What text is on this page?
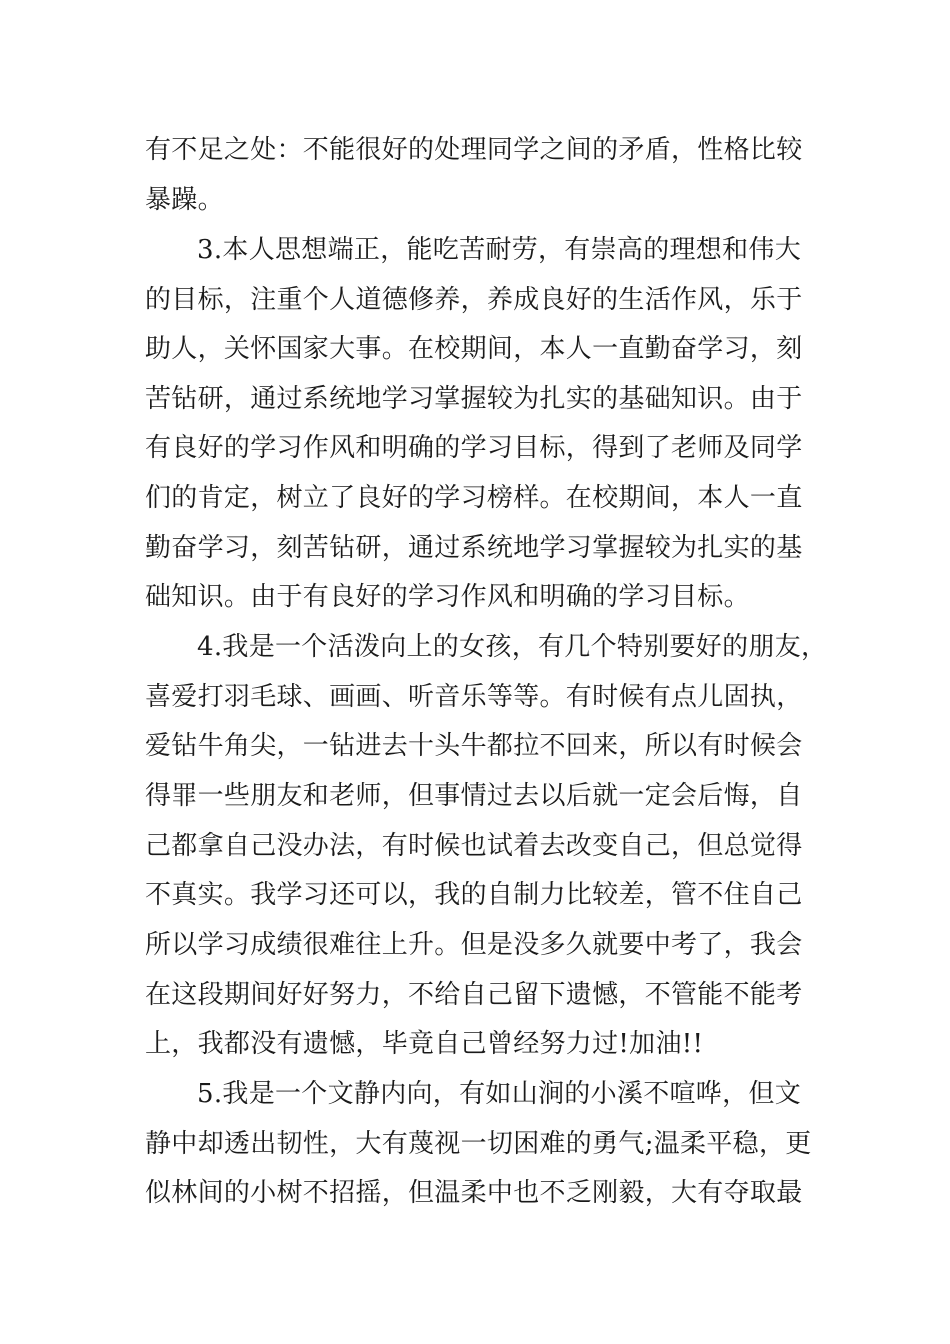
有不足之处：不能很好的处理同学之间的矛盾，性格比较
暴躁。
3.本人思想端正，能吃苦耐劳，有崇高的理想和伟大
的目标，注重个人道德修养，养成良好的生活作风，乐于
助人，关怀国家大事。在校期间，本人一直勤奋学习，刻
苦钻研，通过系统地学习掌握较为扎实的基础知识。由于
有良好的学习作风和明确的学习目标，得到了老师及同学
们的肯定，树立了良好的学习榜样。在校期间，本人一直
勤奋学习，刻苦钻研，通过系统地学习掌握较为扎实的基
础知识。由于有良好的学习作风和明确的学习目标。
4.我是一个活泼向上的女孩，有几个特别要好的朋友，
喜爱打羽毛球、画画、听音乐等等。有时候有点儿固执，
爱钻牛角尖，一钻进去十头牛都拉不回来，所以有时候会
得罪一些朋友和老师，但事情过去以后就一定会后悔，自
己都拿自己没办法，有时候也试着去改变自己，但总觉得
不真实。我学习还可以，我的自制力比较差，管不住自己
所以学习成绩很难往上升。但是没多久就要中考了，我会
在这段期间好好努力，不给自己留下遗憾，不管能不能考
上，我都没有遗憾，毕竟自己曾经努力过!加油!!
5.我是一个文静内向，有如山涧的小溪不喧哗，但文
静中却透出韧性，大有蔑视一切困难的勇气;温柔平稳，更
似林间的小树不招摇，但温柔中也不乏刚毅，大有夺取最
